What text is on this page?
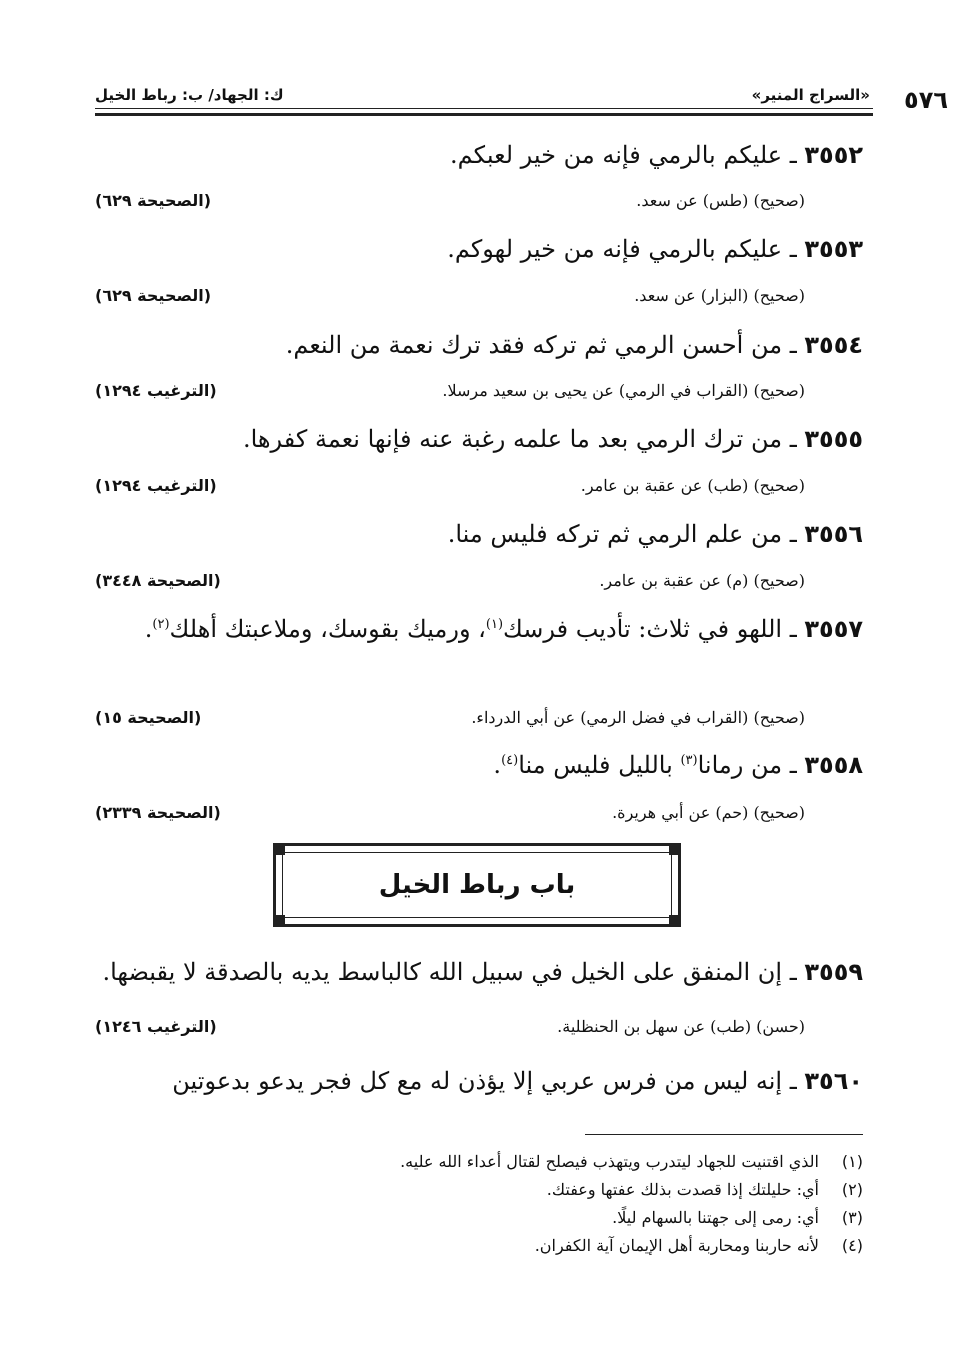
«السراج المنير»
ك: الجهاد/ ب: رباط الخيل	٥٧٦
٣٥٥٢ ـ عليكم بالرمي فإنه من خير لعبكم.
(صحيح) (طس) عن سعد.
(الصحيحة ٦٢٩)
٣٥٥٣ ـ عليكم بالرمي فإنه من خير لهوكم.
(صحيح) (البزار) عن سعد.
(الصحيحة ٦٢٩)
٣٥٥٤ ـ من أحسن الرمي ثم تركه فقد ترك نعمة من النعم.
(صحيح) (القراب في الرمي) عن يحيى بن سعيد مرسلا.
(الترغيب ١٢٩٤)
٣٥٥٥ ـ من ترك الرمي بعد ما علمه رغبة عنه فإنها نعمة كفرها.
(صحيح) (طب) عن عقبة بن عامر.
(الترغيب ١٢٩٤)
٣٥٥٦ ـ من علم الرمي ثم تركه فليس منا.
(صحيح) (م) عن عقبة بن عامر.
(الصحيحة ٣٤٤٨)
٣٥٥٧ ـ اللهو في ثلاث: تأديب فرسك$^{(١)}$، ورميك بقوسك، وملاعبتك أهلك$^{(٢)}$.
(صحيح) (القراب في فضل الرمي) عن أبي الدرداء.
(الصحيحة ١٥)
٣٥٥٨ ـ من رمانا$^{(٣)}$ بالليل فليس منا$^{(٤)}$.
(صحيح) (حم) عن أبي هريرة.
(الصحيحة ٢٣٣٩)
باب رباط الخيل
٣٥٥٩ ـ إن المنفق على الخيل في سبيل الله كالباسط يديه بالصدقة لا يقبضها.
(حسن) (طب) عن سهل بن الحنظلية.
(الترغيب ١٢٤٦)
٣٥٦٠ ـ إنه ليس من فرس عربي إلا يؤذن له مع كل فجر يدعو بدعوتين
(١)الذي اقتنيت للجهاد ليتدرب ويتهذب فيصلح لقتال أعداء الله عليه.
(٢)أي: حليلتك إذا قصدت بذلك عفتها وعفتك.
(٣)أي: رمى إلى جهتنا بالسهام ليلًا.
(٤)لأنه حاربنا ومحاربة أهل الإيمان آية الكفران.
